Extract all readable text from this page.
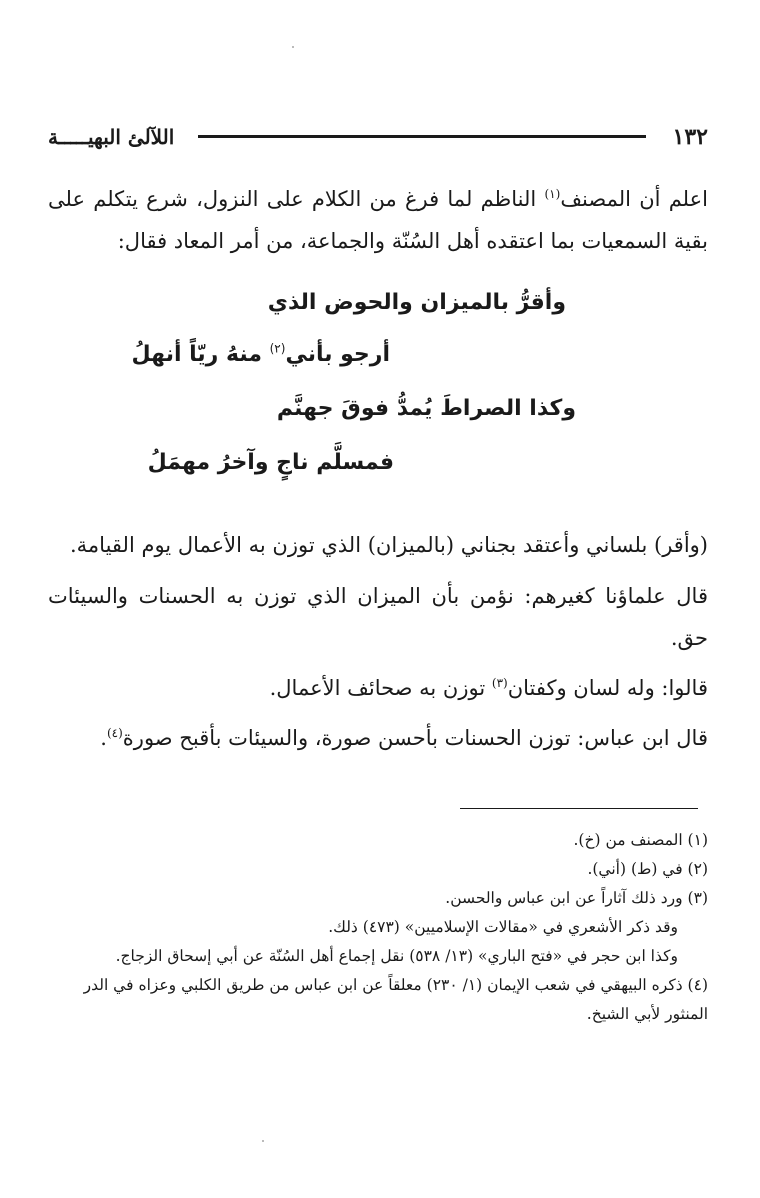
١٣٢
اللآلئ البهيـــــة

اعلم أن المصنف$^{(١)}$ الناظم لما فرغ من الكلام على النزول، شرع يتكلم على بقية السمعيات بما اعتقده أهل السُنّة والجماعة، من أمر المعاد فقال:

وأقرُّ بالميزان والحوض الذي
أرجو بأني$^{(٢)}$ منهُ ريّاً أنهلُ
وكذا الصراطَ يُمدُّ فوقَ جهنَّم
فمسلَّم ناجٍ وآخرُ مهمَلُ

(وأقر) بلساني وأعتقد بجناني (بالميزان) الذي توزن به الأعمال يوم القيامة.

قال علماؤنا كغيرهم: نؤمن بأن الميزان الذي توزن به الحسنات والسيئات حق.

قالوا: وله لسان وكفتان$^{(٣)}$ توزن به صحائف الأعمال.

قال ابن عباس: توزن الحسنات بأحسن صورة، والسيئات بأقبح صورة$^{(٤)}$.

(١) المصنف من (خ).

(٢) في (ط) (أني).

(٣) ورد ذلك آثاراً عن ابن عباس والحسن.

وقد ذكر الأشعري في «مقالات الإسلاميين» (٤٧٣) ذلك.

وكذا ابن حجر في «فتح الباري» (١٣/ ٥٣٨) نقل إجماع أهل السُنّة عن أبي إسحاق الزجاج.

(٤) ذكره البيهقي في شعب الإيمان (١/ ٢٣٠) معلقاً عن ابن عباس من طريق الكلبي وعزاه في الدر المنثور لأبي الشيخ.
